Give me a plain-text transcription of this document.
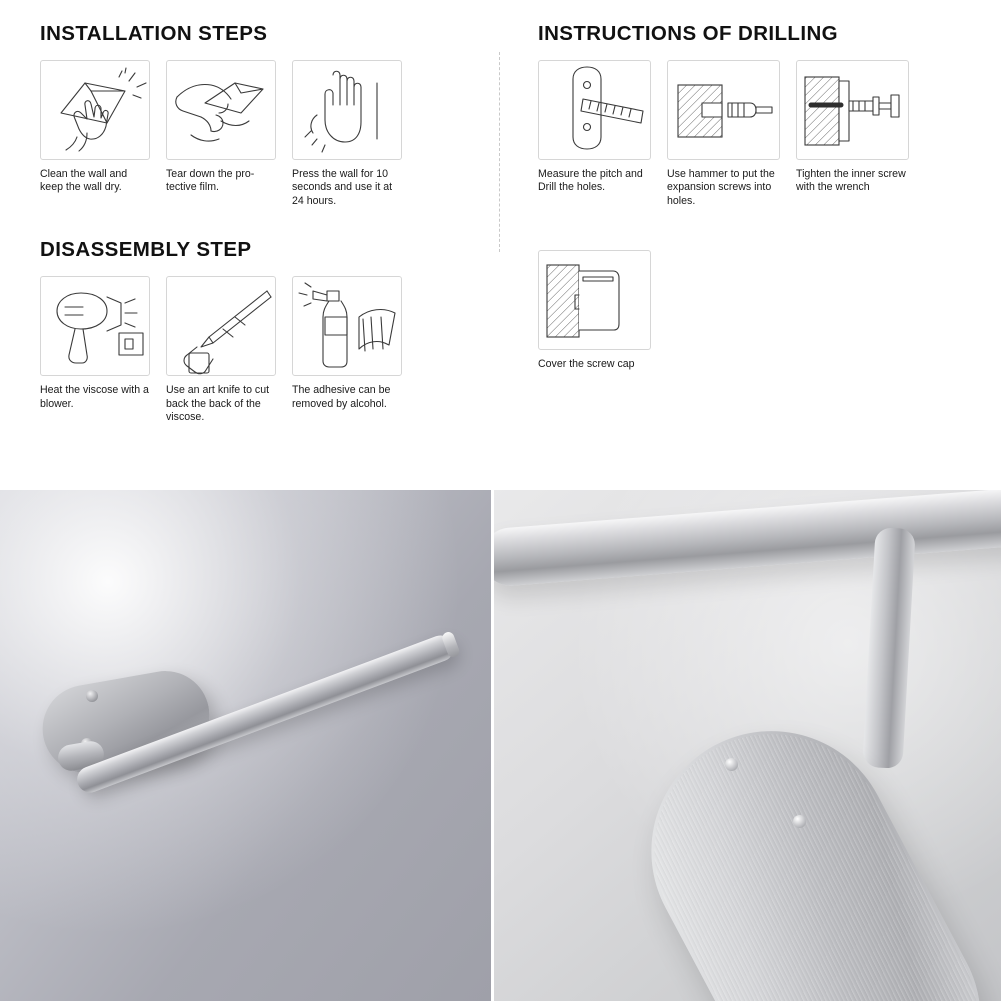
INSTALLATION STEPS
Clean the wall and keep the wall dry.
Tear down the pro-tective film.
Press the wall for 10 seconds and use it at 24 hours.
DISASSEMBLY STEP
Heat the viscose with a blower.
Use an art knife to cut back the back of the viscose.
The adhesive can be removed by alcohol.
INSTRUCTIONS OF DRILLING
Measure the pitch and Drill the holes.
Use hammer to put the expansion screws into holes.
Tighten the inner screw with the wrench
Cover the screw cap
